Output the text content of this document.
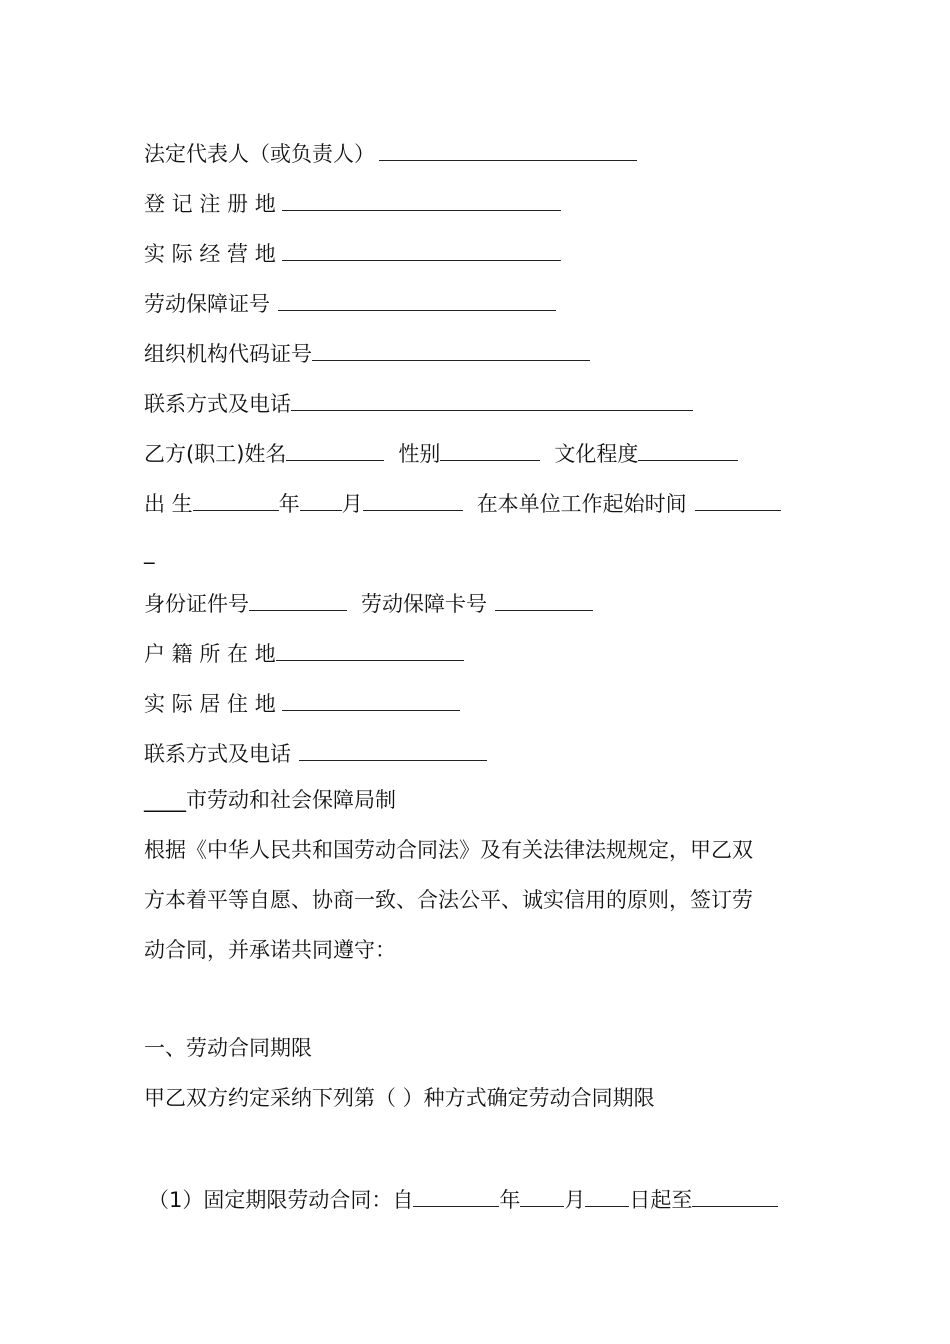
法定代表人（或负责人）
登 记 注 册 地
实 际 经 营 地
劳动保障证号
组织机构代码证号
联系方式及电话
乙方(职工)姓名	性别	文化程度
出 生	年 月	在本单位工作起始时间
_
身份证件号	劳动保障卡号
户 籍 所 在 地
实 际 居 住 地
联系方式及电话
____市劳动和社会保障局制
根据《中华人民共和国劳动合同法》及有关法律法规规定，甲乙双
方本着平等自愿、协商一致、合法公平、诚实信用的原则，签订劳
动合同，并承诺共同遵守：
一、劳动合同期限
甲乙双方约定采纳下列第（ ）种方式确定劳动合同期限
（1）固定期限劳动合同：自	年 月 日起至
